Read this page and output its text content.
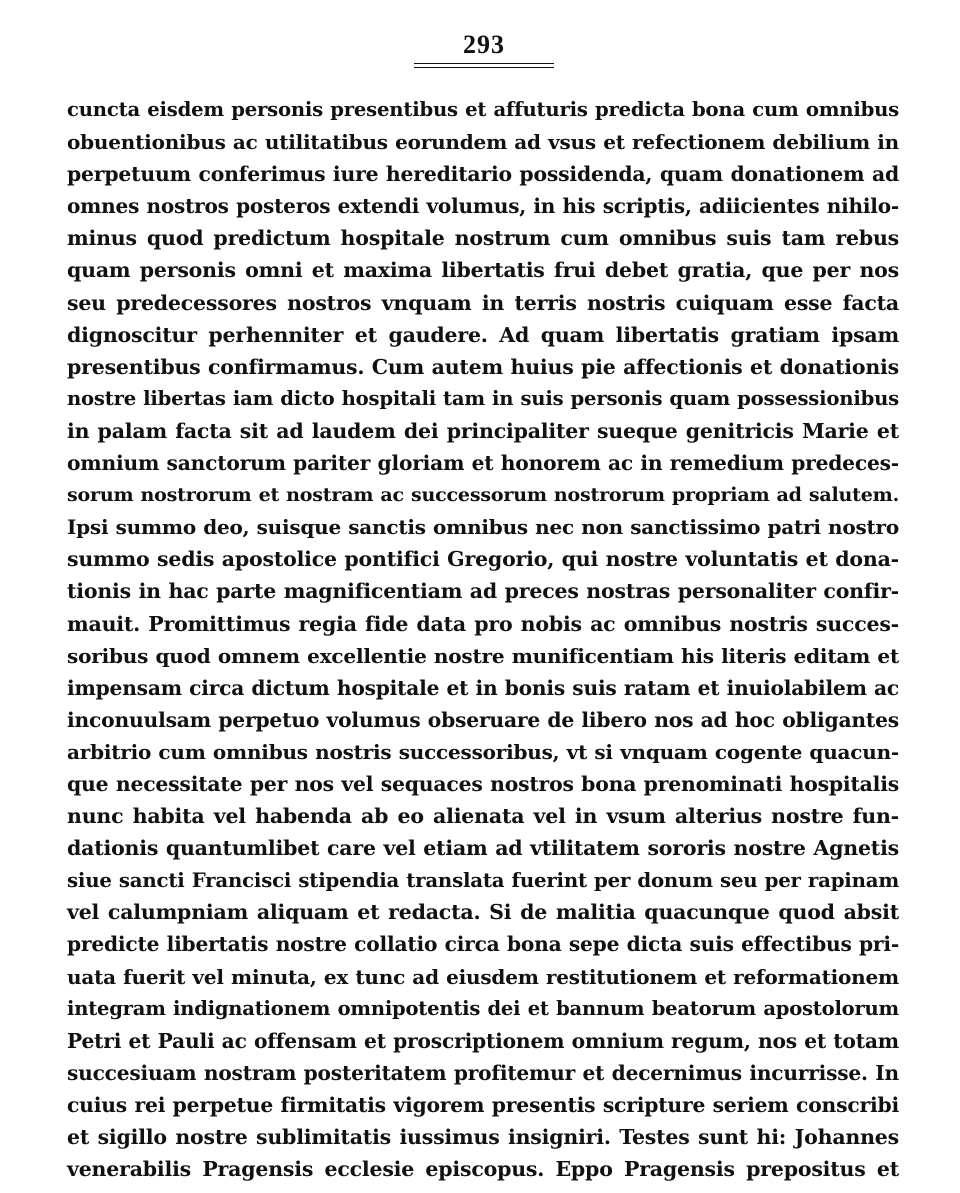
293
cuncta eisdem personis presentibus et affuturis predicta bona cum omnibus
obuentionibus ac utilitatibus eorundem ad vsus et refectionem debilium in
perpetuum conferimus iure hereditario possidenda, quam donationem ad
omnes nostros posteros extendi volumus, in his scriptis, adiicientes nihilo-
minus quod predictum hospitale nostrum cum omnibus suis tam rebus
quam personis omni et maxima libertatis frui debet gratia, que per nos
seu predecessores nostros vnquam in terris nostris cuiquam esse facta
dignoscitur perhenniter et gaudere. Ad quam libertatis gratiam ipsam
presentibus confirmamus. Cum autem huius pie affectionis et donationis
nostre libertas iam dicto hospitali tam in suis personis quam possessionibus
in palam facta sit ad laudem dei principaliter sueque genitricis Marie et
omnium sanctorum pariter gloriam et honorem ac in remedium predeces-
sorum nostrorum et nostram ac successorum nostrorum propriam ad salutem.
Ipsi summo deo, suisque sanctis omnibus nec non sanctissimo patri nostro
summo sedis apostolice pontifici Gregorio, qui nostre voluntatis et dona-
tionis in hac parte magnificentiam ad preces nostras personaliter confir-
mauit. Promittimus regia fide data pro nobis ac omnibus nostris succes-
soribus quod omnem excellentie nostre munificentiam his literis editam et
impensam circa dictum hospitale et in bonis suis ratam et inuiolabilem ac
inconuulsam perpetuo volumus obseruare de libero nos ad hoc obligantes
arbitrio cum omnibus nostris successoribus, vt si vnquam cogente quacun-
que necessitate per nos vel sequaces nostros bona prenominati hospitalis
nunc habita vel habenda ab eo alienata vel in vsum alterius nostre fun-
dationis quantumlibet care vel etiam ad vtilitatem sororis nostre Agnetis
siue sancti Francisci stipendia translata fuerint per donum seu per rapinam
vel calumpniam aliquam et redacta. Si de malitia quacunque quod absit
predicte libertatis nostre collatio circa bona sepe dicta suis effectibus pri-
uata fuerit vel minuta, ex tunc ad eiusdem restitutionem et reformationem
integram indignationem omnipotentis dei et bannum beatorum apostolorum
Petri et Pauli ac offensam et proscriptionem omnium regum, nos et totam
succesiuam nostram posteritatem profitemur et decernimus incurrisse. In
cuius rei perpetue firmitatis vigorem presentis scripture seriem conscribi
et sigillo nostre sublimitatis iussimus insigniri. Testes sunt hi: Johannes
venerabilis Pragensis ecclesie episcopus. Eppo Pragensis prepositus et
